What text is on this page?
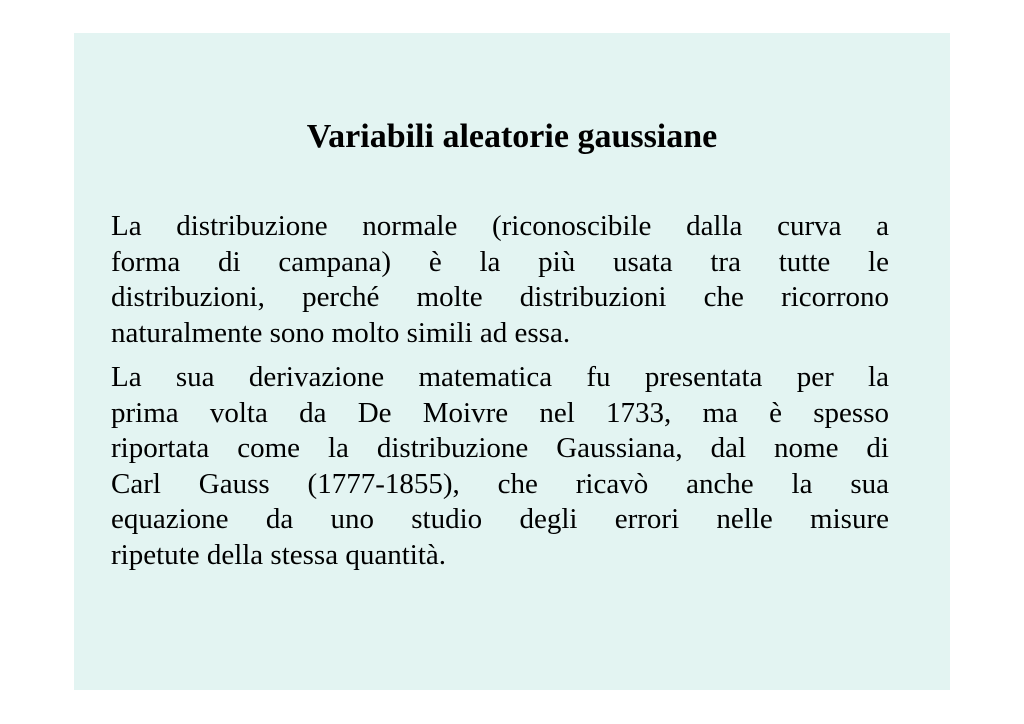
Variabili aleatorie gaussiane

La distribuzione normale (riconoscibile dalla curva a
forma di campana) è la più usata tra tutte le
distribuzioni, perché molte distribuzioni che ricorrono
naturalmente sono molto simili ad essa.

La sua derivazione matematica fu presentata per la
prima volta da De Moivre nel 1733, ma è spesso
riportata come la distribuzione Gaussiana, dal nome di
Carl Gauss (1777-1855), che ricavò anche la sua
equazione da uno studio degli errori nelle misure
ripetute della stessa quantità.
